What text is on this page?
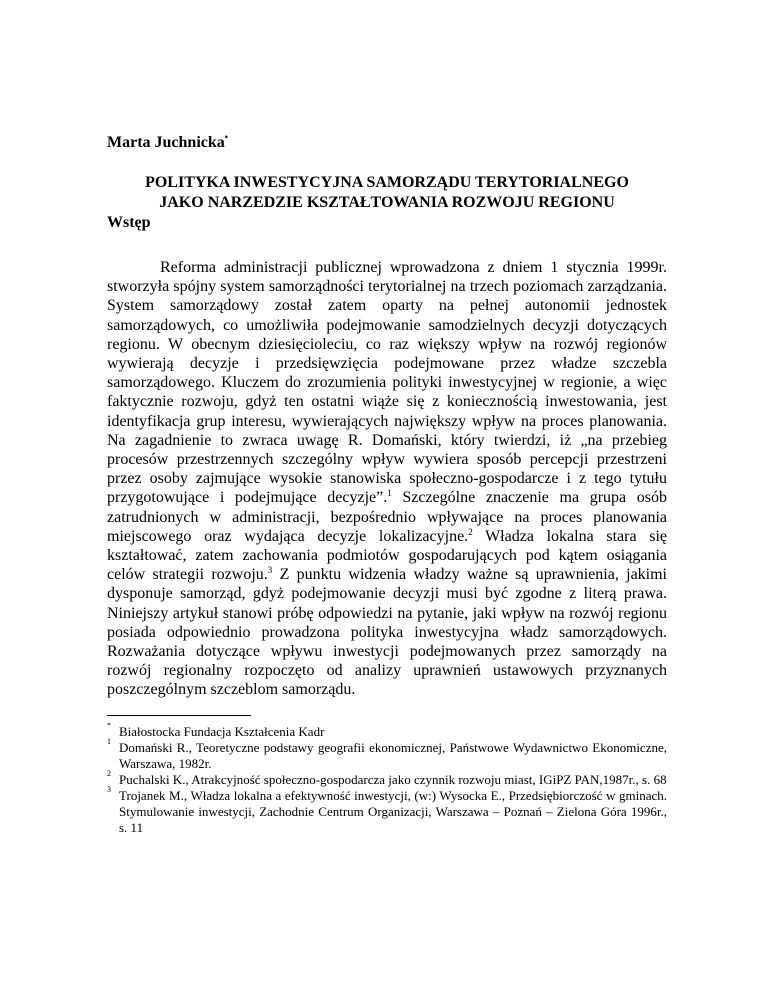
Marta Juchnicka•
POLITYKA INWESTYCYJNA SAMORZĄDU TERYTORIALNEGO
JAKO NARZEDZIE KSZTAŁTOWANIA ROZWOJU REGIONU
Wstęp

Reforma administracji publicznej wprowadzona z dniem 1 stycznia 1999r. stworzyła spójny system samorządności terytorialnej na trzech poziomach zarządzania. System samorządowy został zatem oparty na pełnej autonomii jednostek samorządowych, co umożliwiła podejmowanie samodzielnych decyzji dotyczących regionu. W obecnym dziesięcioleciu, co raz większy wpływ na rozwój regionów wywierają decyzje i przedsięwzięcia podejmowane przez władze szczebla samorządowego. Kluczem do zrozumienia polityki inwestycyjnej w regionie, a więc faktycznie rozwoju, gdyż ten ostatni wiąże się z koniecznością inwestowania, jest identyfikacja grup interesu, wywierających największy wpływ na proces planowania. Na zagadnienie to zwraca uwagę R. Domański, który twierdzi, iż „na przebieg procesów przestrzennych szczególny wpływ wywiera sposób percepcji przestrzeni przez osoby zajmujące wysokie stanowiska społeczno-gospodarcze i z tego tytułu przygotowujące i podejmujące decyzje”.$^1$ Szczególne znaczenie ma grupa osób zatrudnionych w administracji, bezpośrednio wpływające na proces planowania miejscowego oraz wydająca decyzje lokalizacyjne.$^2$ Władza lokalna stara się kształtować, zatem zachowania podmiotów gospodarujących pod kątem osiągania celów strategii rozwoju.$^3$ Z punktu widzenia władzy ważne są uprawnienia, jakimi dysponuje samorząd, gdyż podejmowanie decyzji musi być zgodne z literą prawa. Niniejszy artykuł stanowi próbę odpowiedzi na pytanie, jaki wpływ na rozwój regionu posiada odpowiednio prowadzona polityka inwestycyjna władz samorządowych. Rozważania dotyczące wpływu inwestycji podejmowanych przez samorządy na rozwój regionalny rozpoczęto od analizy uprawnień ustawowych przyznanych poszczególnym szczeblom samorządu.

* Białostocka Fundacja Kształcenia Kadr
1 Domański R., Teoretyczne podstawy geografii ekonomicznej, Państwowe Wydawnictwo Ekonomiczne, Warszawa, 1982r.
2 Puchalski K., Atrakcyjność społeczno-gospodarcza jako czynnik rozwoju miast, IGiPZ PAN,1987r., s. 68
3 Trojanek M., Władza lokalna a efektywność inwestycji, (w:) Wysocka E., Przedsiębiorczość w gminach. Stymulowanie inwestycji, Zachodnie Centrum Organizacji, Warszawa – Poznań – Zielona Góra 1996r., s. 11
